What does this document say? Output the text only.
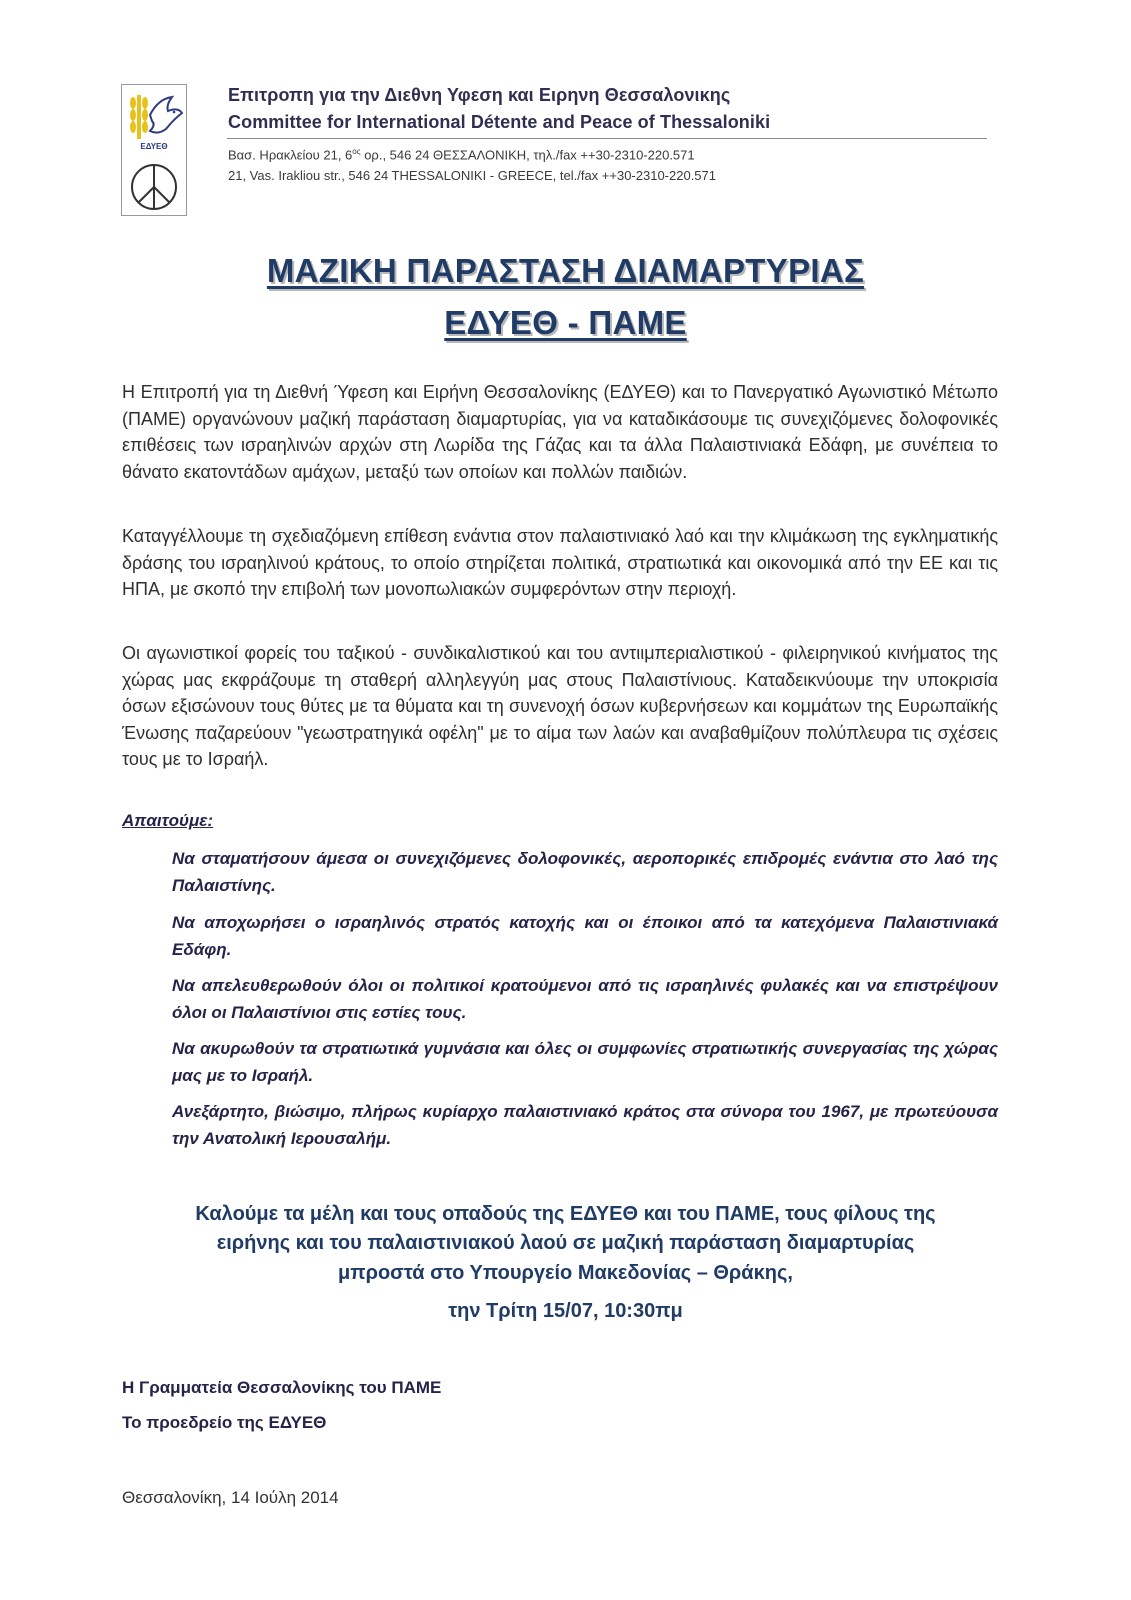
ΕΔΥΕΘ
Επιτροπη για την Διεθνη Υφεση και Ειρηνη Θεσσαλονικης
Committee for International Détente and Peace of Thessaloniki
Βασ. Ηρακλείου 21, $6^{o\varsigma}$ ορ., 546 24 ΘΕΣΣΑΛΟΝΙΚΗ, τηλ./fax ++30-2310-220.571
21, Vas. Irakliou str., 546 24 THESSALONIKI - GREECE, tel./fax ++30-2310-220.571
ΜΑΖΙΚΗ ΠΑΡΑΣΤΑΣΗ ΔΙΑΜΑΡΤΥΡΙΑΣ
ΕΔΥΕΘ - ΠΑΜΕ
Η Επιτροπή για τη Διεθνή Ύφεση και Ειρήνη Θεσσαλονίκης (ΕΔΥΕΘ) και το Πανεργατικό Αγωνιστικό Μέτωπο (ΠΑΜΕ) οργανώνουν μαζική παράσταση διαμαρτυρίας, για να καταδικάσουμε τις συνεχιζόμενες δολοφονικές επιθέσεις των ισραηλινών αρχών στη Λωρίδα της Γάζας και τα άλλα Παλαιστινιακά Εδάφη, με συνέπεια το θάνατο εκατοντάδων αμάχων, μεταξύ των οποίων και πολλών παιδιών.
Καταγγέλλουμε τη σχεδιαζόμενη επίθεση ενάντια στον παλαιστινιακό λαό και την κλιμάκωση της εγκληματικής δράσης του ισραηλινού κράτους, το οποίο στηρίζεται πολιτικά, στρατιωτικά και οικονομικά από την ΕΕ και τις ΗΠΑ, με σκοπό την επιβολή των μονοπωλιακών συμφερόντων στην περιοχή.
Οι αγωνιστικοί φορείς του ταξικού - συνδικαλιστικού και του αντιιμπεριαλιστικού - φιλειρηνικού κινήματος της χώρας μας εκφράζουμε τη σταθερή αλληλεγγύη μας στους Παλαιστίνιους. Καταδεικνύουμε την υποκρισία όσων εξισώνουν τους θύτες με τα θύματα και τη συνενοχή όσων κυβερνήσεων και κομμάτων της Ευρωπαϊκής Ένωσης παζαρεύουν "γεωστρατηγικά οφέλη" με το αίμα των λαών και αναβαθμίζουν πολύπλευρα τις σχέσεις τους με το Ισραήλ.
Απαιτούμε:
Να σταματήσουν άμεσα οι συνεχιζόμενες δολοφονικές, αεροπορικές επιδρομές ενάντια στο λαό της Παλαιστίνης.
Να αποχωρήσει ο ισραηλινός στρατός κατοχής και οι έποικοι από τα κατεχόμενα Παλαιστινιακά Εδάφη.
Να απελευθερωθούν όλοι οι πολιτικοί κρατούμενοι από τις ισραηλινές φυλακές και να επιστρέψουν όλοι οι Παλαιστίνιοι στις εστίες τους.
Να ακυρωθούν τα στρατιωτικά γυμνάσια και όλες οι συμφωνίες στρατιωτικής συνεργασίας της χώρας μας με το Ισραήλ.
Ανεξάρτητο, βιώσιμο, πλήρως κυρίαρχο παλαιστινιακό κράτος στα σύνορα του 1967, με πρωτεύουσα την Ανατολική Ιερουσαλήμ.
Καλούμε τα μέλη και τους οπαδούς της ΕΔΥΕΘ και του ΠΑΜΕ, τους φίλους της
ειρήνης και του παλαιστινιακού λαού σε μαζική παράσταση διαμαρτυρίας
μπροστά στο Υπουργείο Μακεδονίας – Θράκης,
την Τρίτη 15/07, 10:30πμ
Η Γραμματεία Θεσσαλονίκης του ΠΑΜΕ
Το προεδρείο της ΕΔΥΕΘ
Θεσσαλονίκη, 14 Ιούλη 2014
